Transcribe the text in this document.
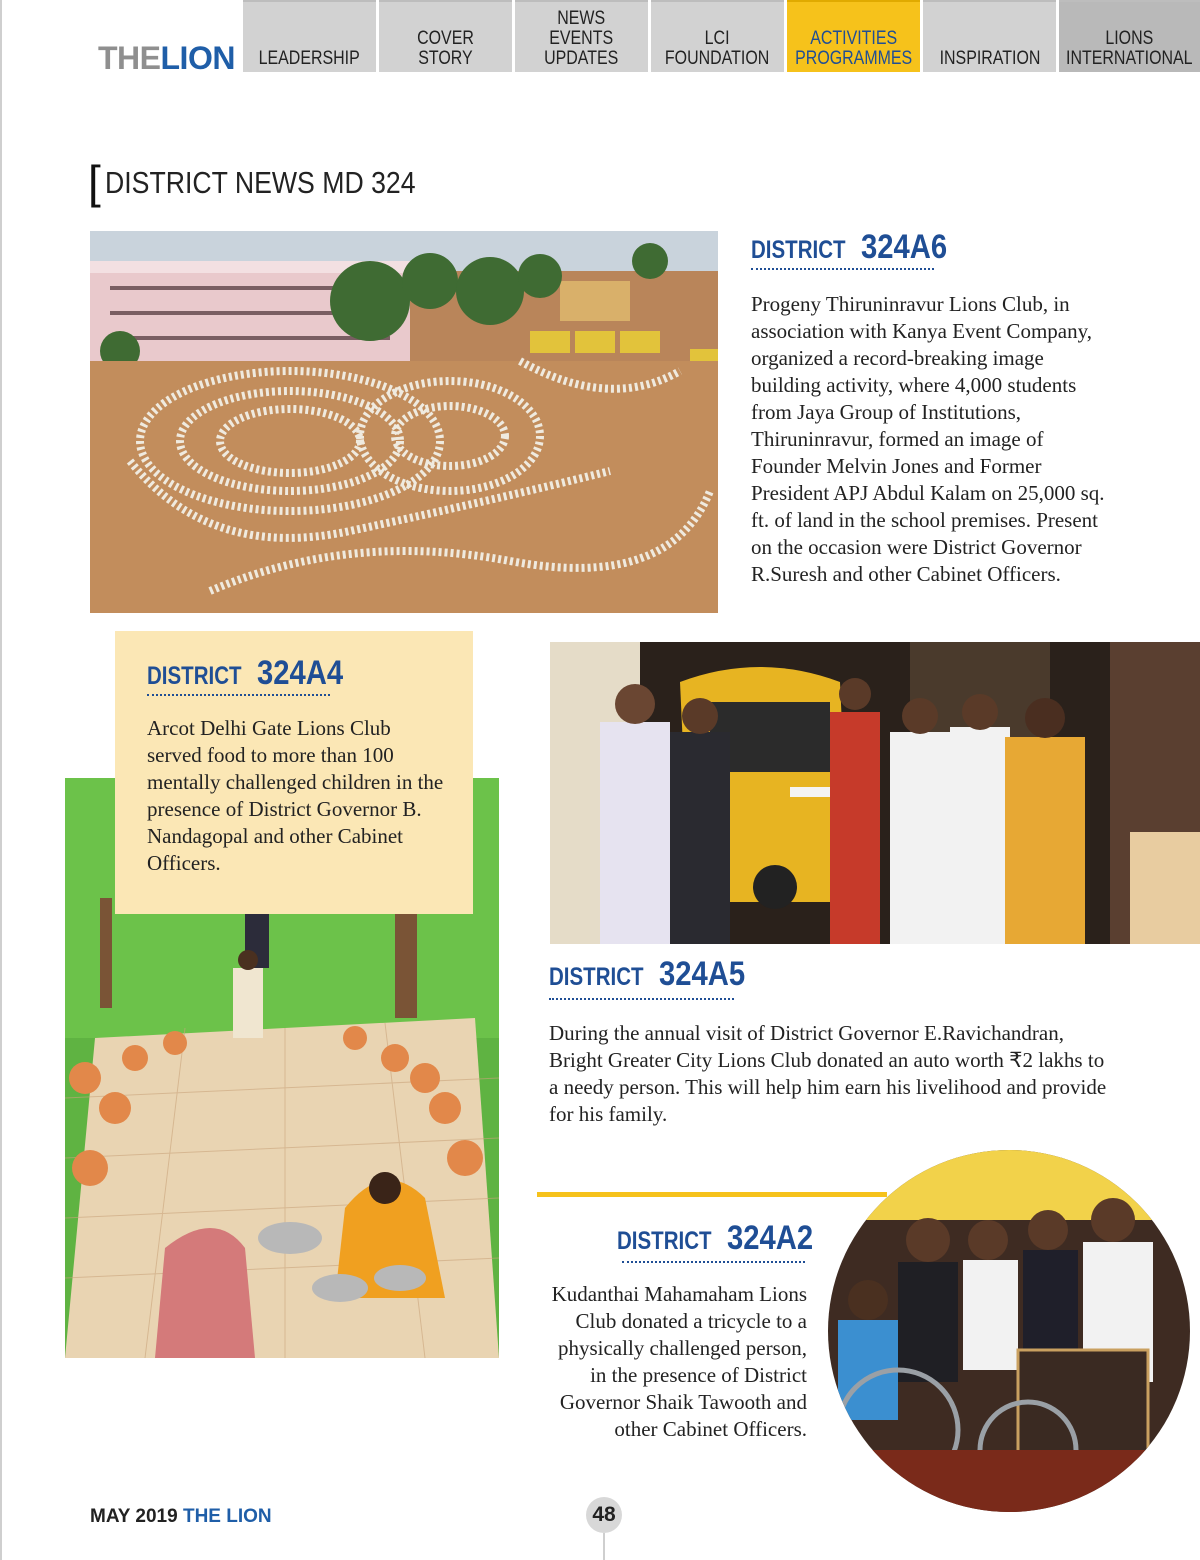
THELION LEADERSHIP
COVER STORY
NEWS
EVENTS
UPDATES
LCI
FOUNDATION
ACTIVITIES
PROGRAMMES INSPIRATION
LIONS
INTERNATIONAL
[ DISTRICT NEWS MD 324
DISTRICT 324A6
Progeny Thiruninravur Lions Club, in association with Kanya Event Company, organized a record-breaking image building activity, where 4,000 students from Jaya Group of Institutions, Thiruninravur, formed an image of Founder Melvin Jones and Former President APJ Abdul Kalam on 25,000 sq. ft. of land in the school premises. Present on the occasion were District Governor R.Suresh and other Cabinet Officers.
DISTRICT 324A4
Arcot Delhi Gate Lions Club served food to more than 100 mentally challenged children in the presence of District Governor B. Nandagopal and other Cabinet Officers.
DISTRICT 324A5
During the annual visit of District Governor E.Ravichandran, Bright Greater City Lions Club donated an auto worth ₹2 lakhs to a needy person. This will help him earn his livelihood and provide for his family.
DISTRICT 324A2
Kudanthai Mahamaham Lions Club donated a tricycle to a physically challenged person, in the presence of District Governor Shaik Tawooth and other Cabinet Officers.
MAY 2019 THE LION	48
